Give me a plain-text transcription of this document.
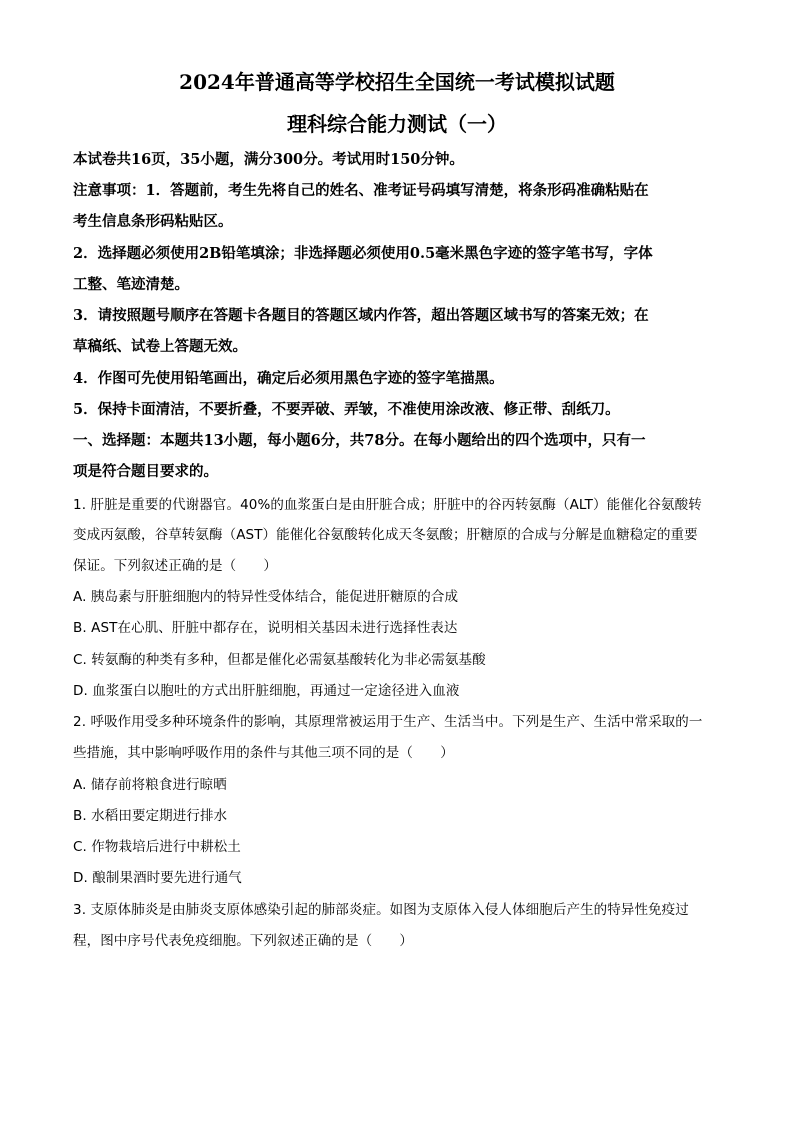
2024年普通高等学校招生全国统一考试模拟试题
理科综合能力测试（一）
本试卷共16页，35小题，满分300分。考试用时150分钟。
注意事项：1．答题前，考生先将自己的姓名、准考证号码填写清楚，将条形码准确粘贴在
考生信息条形码粘贴区。
2．选择题必须使用2B铅笔填涂；非选择题必须使用0.5毫米黑色字迹的签字笔书写，字体
工整、笔迹清楚。
3．请按照题号顺序在答题卡各题目的答题区域内作答，超出答题区域书写的答案无效；在
草稿纸、试卷上答题无效。
4．作图可先使用铅笔画出，确定后必须用黑色字迹的签字笔描黑。
5．保持卡面清洁，不要折叠，不要弄破、弄皱，不准使用涂改液、修正带、刮纸刀。
一、选择题：本题共13小题，每小题6分，共78分。在每小题给出的四个选项中，只有一
项是符合题目要求的。
1. 肝脏是重要的代谢器官。40%的血浆蛋白是由肝脏合成；肝脏中的谷丙转氨酶（ALT）能催化谷氨酸转
变成丙氨酸，谷草转氨酶（AST）能催化谷氨酸转化成天冬氨酸；肝糖原的合成与分解是血糖稳定的重要
保证。下列叙述正确的是（　　）
A. 胰岛素与肝脏细胞内的特异性受体结合，能促进肝糖原的合成
B. AST在心肌、肝脏中都存在，说明相关基因未进行选择性表达
C. 转氨酶的种类有多种，但都是催化必需氨基酸转化为非必需氨基酸
D. 血浆蛋白以胞吐的方式出肝脏细胞，再通过一定途径进入血液
2. 呼吸作用受多种环境条件的影响，其原理常被运用于生产、生活当中。下列是生产、生活中常采取的一
些措施，其中影响呼吸作用的条件与其他三项不同的是（　　）
A. 储存前将粮食进行晾晒
B. 水稻田要定期进行排水
C. 作物栽培后进行中耕松土
D. 酿制果酒时要先进行通气
3. 支原体肺炎是由肺炎支原体感染引起的肺部炎症。如图为支原体入侵人体细胞后产生的特异性免疫过
程，图中序号代表免疫细胞。下列叙述正确的是（　　）
